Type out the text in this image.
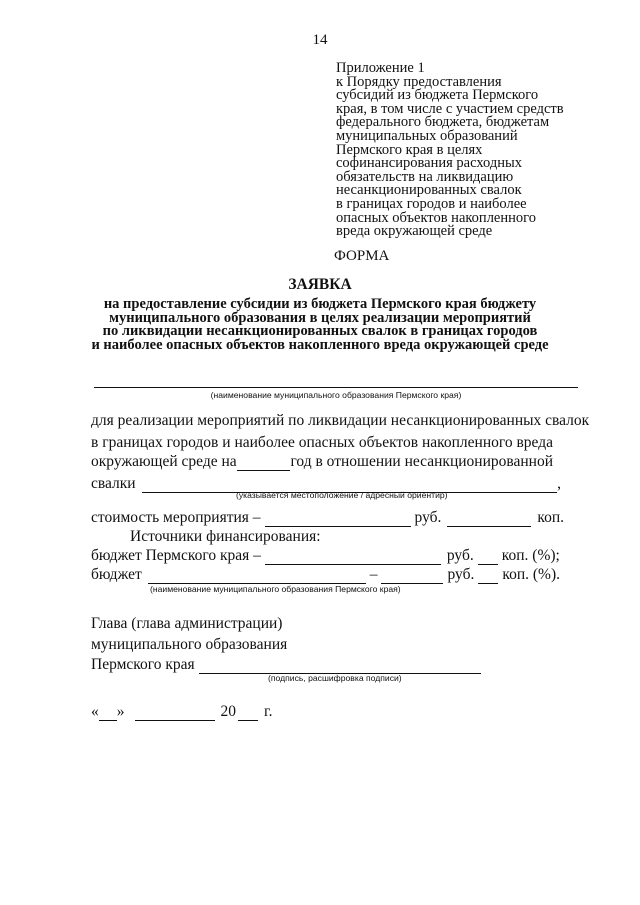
14
Приложение 1
к Порядку предоставления
субсидий из бюджета Пермского
края, в том числе с участием средств
федерального бюджета, бюджетам
муниципальных образований
Пермского края в целях
софинансирования расходных
обязательств на ликвидацию
несанкционированных свалок
в границах городов и наиболее
опасных объектов накопленного
вреда окружающей среде
ФОРМА
ЗАЯВКА
на предоставление субсидии из бюджета Пермского края бюджету
муниципального образования в целях реализации мероприятий
по ликвидации несанкционированных свалок в границах городов
и наиболее опасных объектов накопленного вреда окружающей среде
(наименование муниципального образования Пермского края)
для реализации мероприятий по ликвидации несанкционированных свалок
в границах городов и наиболее опасных объектов накопленного вреда
окружающей среде на	год в отношении несанкционированной
свалки	,
(указывается местоположение / адресный ориентир)
стоимость мероприятия –	руб.	коп.
Источники финансирования:
бюджет Пермского края –	руб. коп. (%);
бюджет	–	руб. коп. (%).
(наименование муниципального образования Пермского края)
Глава (глава администрации)
муниципального образования
Пермского края
(подпись, расшифровка подписи)
« »	20 г.
